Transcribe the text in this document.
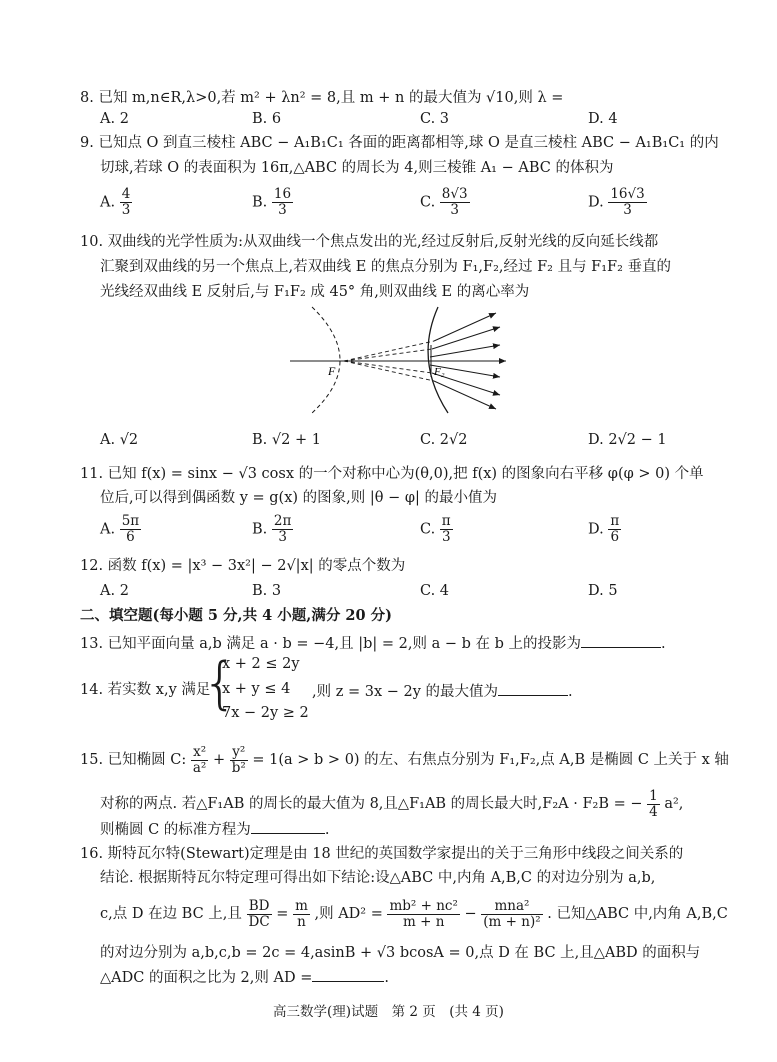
8. 已知 m,n∈R,λ>0,若 m² + λn² = 8,且 m + n 的最大值为 √10,则 λ =
A. 2	B. 6	C. 3	D. 4
9. 已知点 O 到直三棱柱 ABC − A₁B₁C₁ 各面的距离都相等,球 O 是直三棱柱 ABC − A₁B₁C₁ 的内
切球,若球 O 的表面积为 16π,△ABC 的周长为 4,则三棱锥 A₁ − ABC 的体积为
A. $\frac{4}{3}$	B. $\frac{16}{3}$	C. $\frac{8√3}{3}$	D. $\frac{16√3}{3}$
10. 双曲线的光学性质为:从双曲线一个焦点发出的光,经过反射后,反射光线的反向延长线都
汇聚到双曲线的另一个焦点上,若双曲线 E 的焦点分别为 F₁,F₂,经过 F₂ 且与 F₁F₂ 垂直的
光线经双曲线 E 反射后,与 F₁F₂ 成 45° 角,则双曲线 E 的离心率为
F	F₂
A. √2	B. √2 + 1	C. 2√2	D. 2√2 − 1
11. 已知 f(x) = sinx − √3 cosx 的一个对称中心为(θ,0),把 f(x) 的图象向右平移 φ(φ > 0) 个单
位后,可以得到偶函数 y = g(x) 的图象,则 |θ − φ| 的最小值为
A. $\frac{5\pi}{6}$	B. $\frac{2\pi}{3}$	C. $\frac{\pi}{3}$	D. $\frac{\pi}{6}$
12. 函数 f(x) = |x³ − 3x²| − 2√|x| 的零点个数为
A. 2	B. 3	C. 4	D. 5
二、填空题(每小题 5 分,共 4 小题,满分 20 分)
13. 已知平面向量 a,b 满足 a · b = −4,且 |b| = 2,则 a − b 在 b 上的投影为	.
14. 若实数 x,y 满足
{
x + 2 ≤ 2y
x + y ≤ 4
7x − 2y ≥ 2
,则 z = 3x − 2y 的最大值为	.
15. 已知椭圆 C: $\frac{\text{x²}}{\text{a²}} + \frac{\text{y²}}{\text{b²}} = 1(a > b > 0)$ 的左、右焦点分别为 F₁,F₂,点 A,B 是椭圆 C 上关于 x 轴
对称的两点. 若△F₁AB 的周长的最大值为 8,且△F₁AB 的周长最大时,F₂A · F₂B = − $\frac{1}{4} a^2$,
则椭圆 C 的标准方程为	.
16. 斯特瓦尔特(Stewart)定理是由 18 世纪的英国数学家提出的关于三角形中线段之间关系的
结论. 根据斯特瓦尔特定理可得出如下结论:设△ABC 中,内角 A,B,C 的对边分别为 a,b,
c,点 D 在边 BC 上,且 $\frac{BD}{DC} = \frac{m}{n}$ ,则 $AD^2 = \frac{\text{mb² + nc²}}{m + n} - \frac{\text{mna²}}{\text{(m + n)²}}$ . 已知△ABC 中,内角 A,B,C
的对边分别为 a,b,c,b = 2c = 4,asinB + √3 bcosA = 0,点 D 在 BC 上,且△ABD 的面积与
△ADC 的面积之比为 2,则 AD =	.
高三数学(理)试题　第 2 页　(共 4 页)
